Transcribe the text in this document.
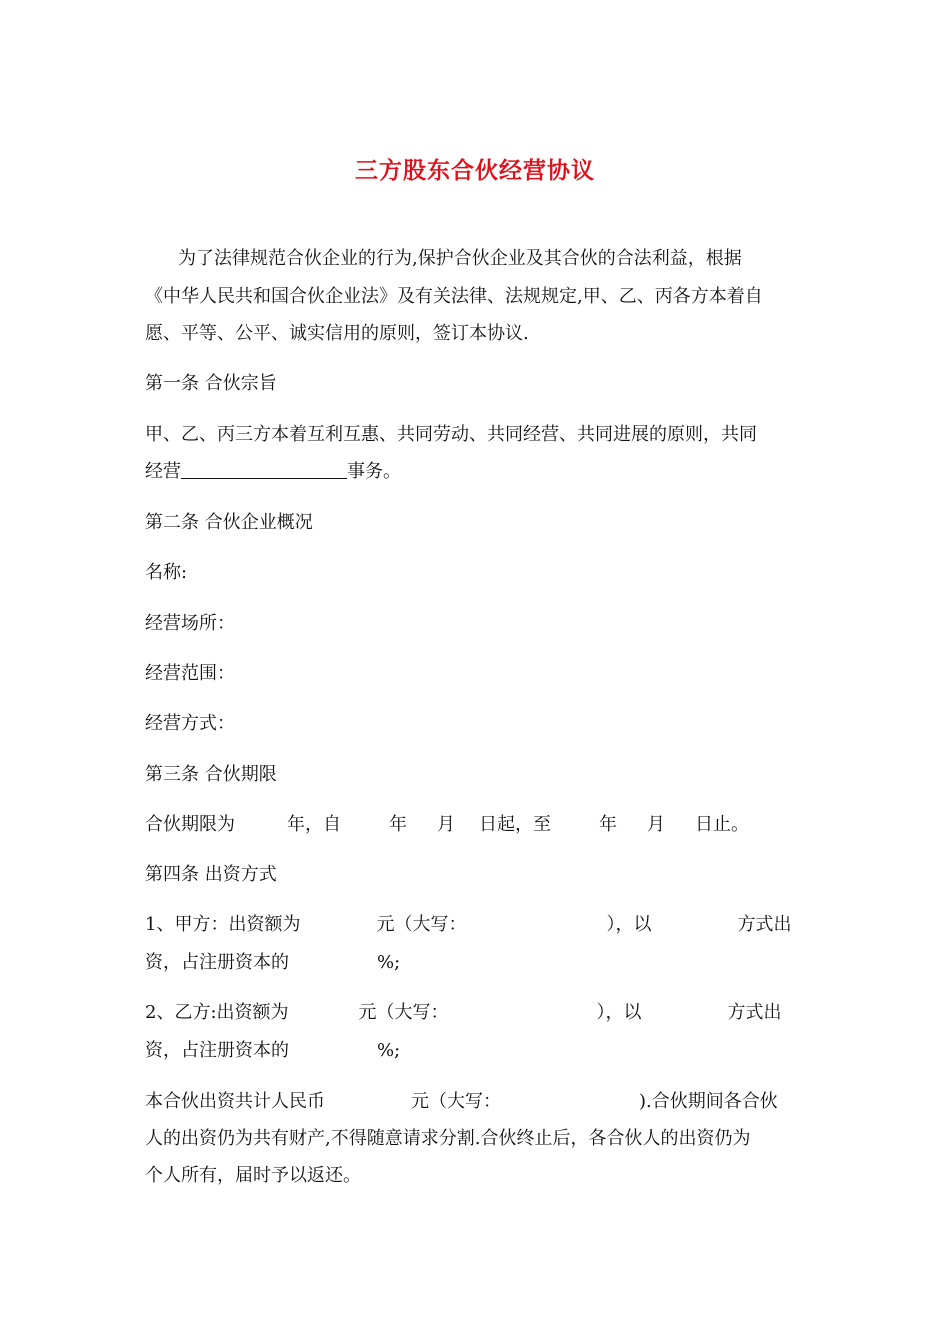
三方股东合伙经营协议
为了法律规范合伙企业的行为,保护合伙企业及其合伙的合法利益，根据
《中华人民共和国合伙企业法》及有关法律、法规规定,甲、乙、丙各方本着自
愿、平等、公平、诚实信用的原则，签订本协议.
第一条 合伙宗旨
甲、乙、丙三方本着互利互惠、共同劳动、共同经营、共同进展的原则，共同
经营	事务。
第二条 合伙企业概况
名称:
经营场所：
经营范围：
经营方式：
第三条 合伙期限
合伙期限为	年，自	年 月 日起，至	年 月 日止。
第四条 出资方式
1、甲方：出资额为	元（大写：	），以	方式出
资，占注册资本的	%;
2、乙方:出资额为	元（大写：	），以	方式出
资，占注册资本的	%;
本合伙出资共计人民币	元（大写：	).合伙期间各合伙
人的出资仍为共有财产,不得随意请求分割.合伙终止后，各合伙人的出资仍为
个人所有，届时予以返还。
